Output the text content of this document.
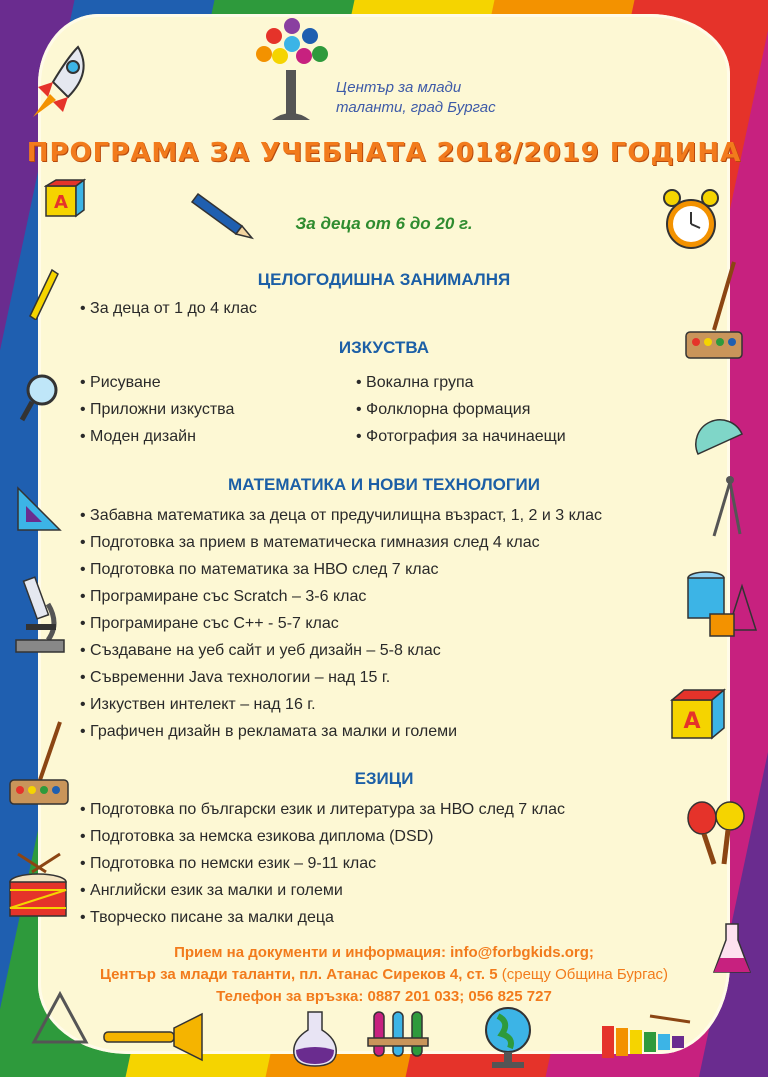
Център за млади
таланти, град Бургас
ПРОГРАМА ЗА УЧЕБНАТА 2018/2019 ГОДИНА
За деца от 6 до 20 г.
ЦЕЛОГОДИШНА ЗАНИМАЛНЯ
• За деца от 1 до 4 клас
ИЗКУСТВА
• Рисуване
• Приложни изкуства
• Моден дизайн
• Вокална група
• Фолклорна формация
• Фотография за начинаещи
МАТЕМАТИКА И НОВИ ТЕХНОЛОГИИ
• Забавна математика за деца от предучилищна възраст, 1, 2 и 3 клас
• Подготовка за прием в математическа гимназия след 4 клас
• Подготовка по математика за НВО след 7 клас
• Програмиране със Scratch – 3-6 клас
• Програмиране със C++ - 5-7 клас
• Създаване на уеб сайт и уеб дизайн – 5-8 клас
• Съвременни Java технологии – над 15 г.
• Изкуствен интелект – над 16 г.
• Графичен дизайн в рекламата за малки и големи
ЕЗИЦИ
• Подготовка по български език и литература за НВО след 7 клас
• Подготовка за немска езикова диплома (DSD)
• Подготовка по немски език – 9-11 клас
• Английски език за малки и големи
• Творческо писане за малки деца
Прием на документи и информация: info@forbgkids.org;
Център за млади таланти, пл. Атанас Сиреков 4, ст. 5 (срещу Община Бургас)
Телефон за връзка: 0887 201 033; 056 825 727
A
A
